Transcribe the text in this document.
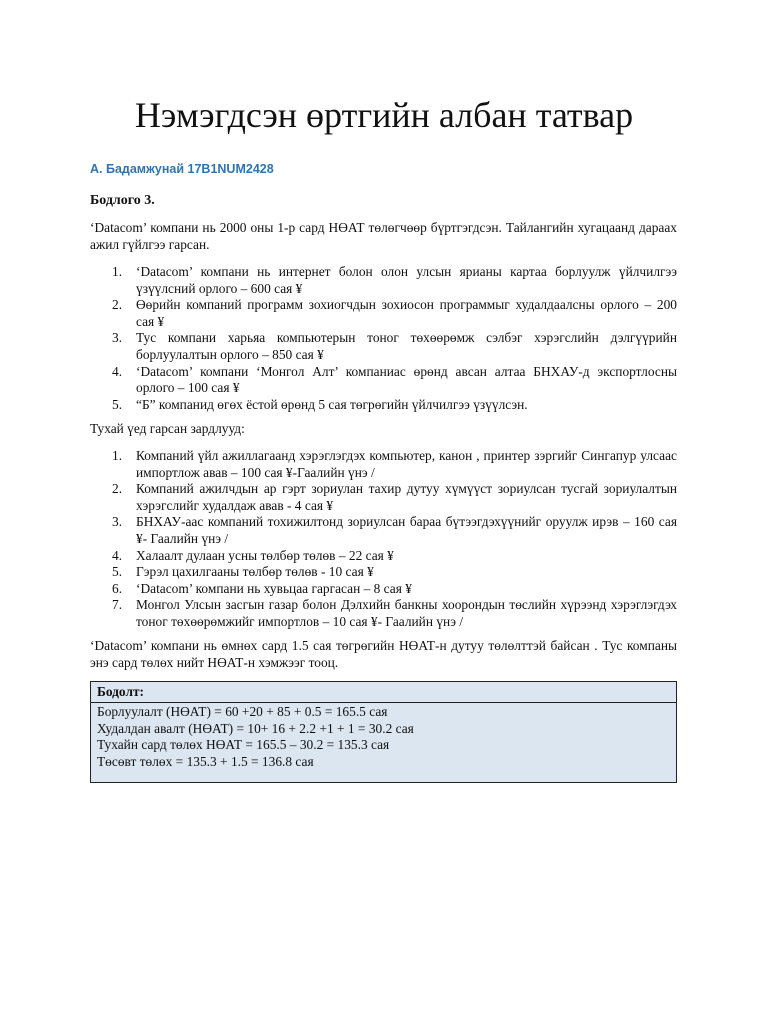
Нэмэгдсэн өртгийн албан татвар
А. Бадамжунай 17B1NUM2428
Бодлого 3.
‘Datacom’ компани нь 2000 оны 1-р сард НӨАТ төлөгчөөр бүртгэгдсэн. Тайлангийн хугацаанд дараах ажил гүйлгээ гарсан.
1. ‘Datacom’ компани нь интернет болон олон улсын ярианы картаа борлуулж үйлчилгээ үзүүлсний орлого – 600 сая ¥
2. Өөрийн компаний программ зохиогчдын зохиосон программыг худалдаалсны орлого – 200 сая ¥
3. Тус компани харьяа компьютерын тоног төхөөрөмж сэлбэг хэрэгслийн дэлгүүрийн борлуулалтын орлого – 850 сая ¥
4. ‘Datacom’ компани ‘Монгол Алт’ компаниас өрөнд авсан алтаа БНХАУ-д экспортлосны орлого – 100 сая ¥
5. “Б” компанид өгөх ёстой өрөнд 5 сая төгрөгийн үйлчилгээ үзүүлсэн.
Тухай үед гарсан зардлууд:
1. Компаний үйл ажиллагаанд хэрэглэгдэх компьютер, канон , принтер зэргийг Сингапур улсаас импортлож авав – 100 сая ¥-Гаалийн үнэ /
2. Компаний ажилчдын ар гэрт зориулан тахир дутуу хүмүүст зориулсан тусгай зориулалтын хэрэгслийг худалдаж авав - 4 сая ¥
3. БНХАУ-аас компаний тохижилтонд зориулсан бараа бүтээгдэхүүнийг оруулж ирэв – 160 сая ¥- Гаалийн үнэ /
4. Халаалт дулаан усны төлбөр төлөв – 22 сая ¥
5. Гэрэл цахилгааны төлбөр төлөв - 10 сая ¥
6. ‘Datacom’ компани нь хувьцаа гаргасан – 8 сая ¥
7. Монгол Улсын засгын газар болон Дэлхийн банкны хоорондын төслийн хүрээнд хэрэглэгдэх тоног төхөөрөмжийг импортлов – 10 сая ¥- Гаалийн үнэ /
‘Datacom’ компани нь өмнөх сард 1.5 сая төгрөгийн НӨАТ-н дутуу төлөлттэй байсан . Тус компаны энэ сард төлөх нийт НӨАТ-н хэмжээг тооц.
Бодолт:
Борлуулалт (НӨАТ) = 60 +20 + 85 + 0.5 = 165.5 сая
Худалдан авалт (НӨАТ) = 10+ 16 + 2.2 +1 + 1 = 30.2 сая
Тухайн сард төлөх НӨАТ = 165.5 – 30.2 = 135.3 сая
Төсөвт төлөх = 135.3 + 1.5 = 136.8 сая
